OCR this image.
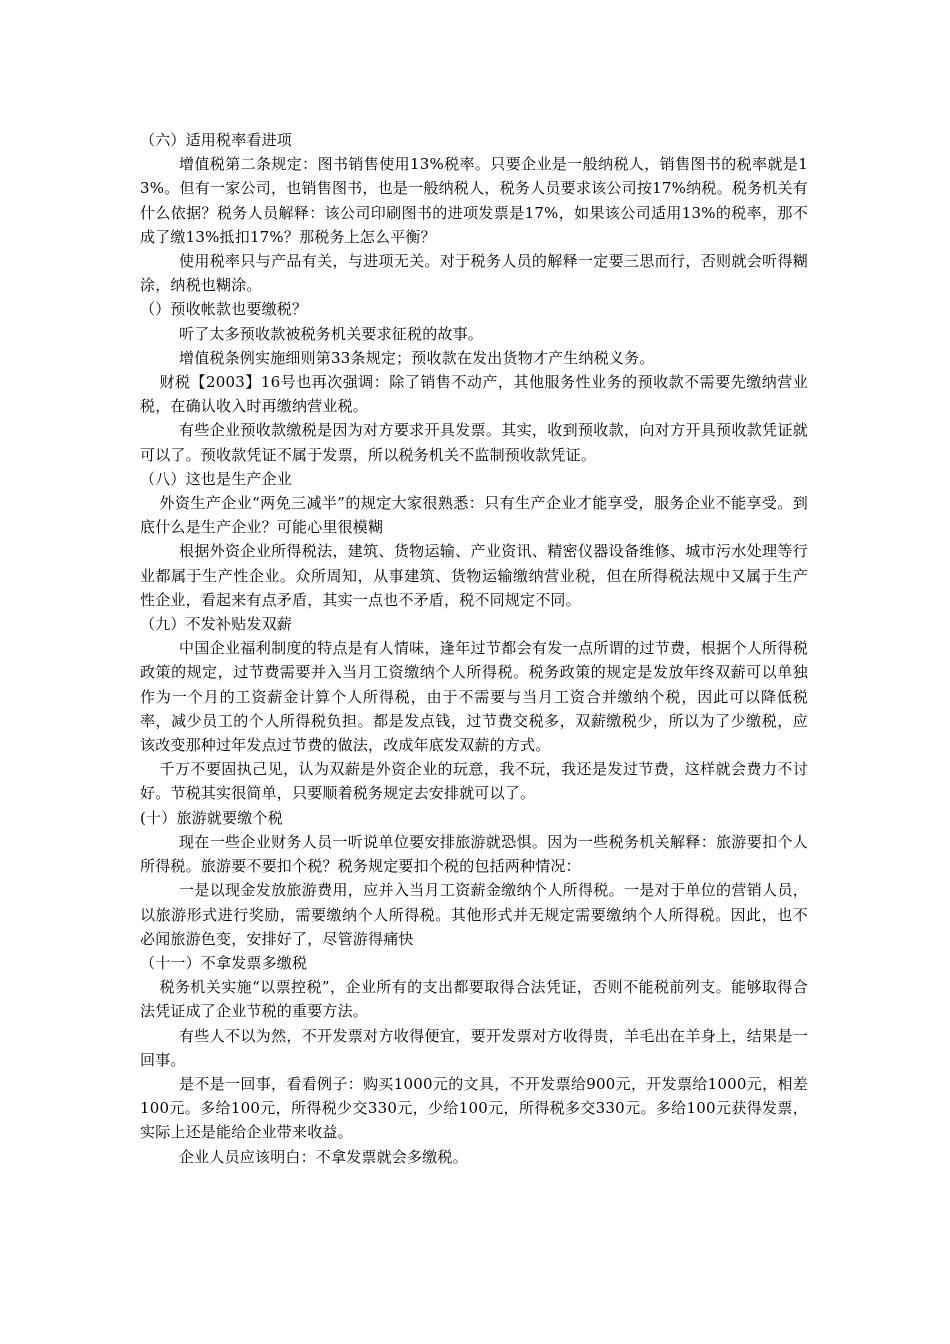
（六）适用税率看进项

增值税第二条规定：图书销售使用13%税率。只要企业是一般纳税人，销售图书的税率就是13%。但有一家公司，也销售图书，也是一般纳税人，税务人员要求该公司按17%纳税。税务机关有什么依据？税务人员解释：该公司印刷图书的进项发票是17%，如果该公司适用13%的税率，那不成了缴13%抵扣17%？那税务上怎么平衡？

使用税率只与产品有关，与进项无关。对于税务人员的解释一定要三思而行，否则就会听得糊涂，纳税也糊涂。

（）预收帐款也要缴税？

听了太多预收款被税务机关要求征税的故事。

增值税条例实施细则第33条规定；预收款在发出货物才产生纳税义务。

财税【2003】16号也再次强调：除了销售不动产，其他服务性业务的预收款不需要先缴纳营业税，在确认收入时再缴纳营业税。

有些企业预收款缴税是因为对方要求开具发票。其实，收到预收款，向对方开具预收款凭证就可以了。预收款凭证不属于发票，所以税务机关不监制预收款凭证。

（八）这也是生产企业

外资生产企业“两免三减半”的规定大家很熟悉：只有生产企业才能享受，服务企业不能享受。到底什么是生产企业？可能心里很模糊

根据外资企业所得税法，建筑、货物运输、产业资讯、精密仪器设备维修、城市污水处理等行业都属于生产性企业。众所周知，从事建筑、货物运输缴纳营业税，但在所得税法规中又属于生产性企业，看起来有点矛盾，其实一点也不矛盾，税不同规定不同。

（九）不发补贴发双薪

中国企业福利制度的特点是有人情味，逢年过节都会有发一点所谓的过节费，根据个人所得税政策的规定，过节费需要并入当月工资缴纳个人所得税。税务政策的规定是发放年终双薪可以单独作为一个月的工资薪金计算个人所得税，由于不需要与当月工资合并缴纳个税，因此可以降低税率，减少员工的个人所得税负担。都是发点钱，过节费交税多，双薪缴税少，所以为了少缴税，应该改变那种过年发点过节费的做法，改成年底发双薪的方式。

千万不要固执己见，认为双薪是外资企业的玩意，我不玩，我还是发过节费，这样就会费力不讨好。节税其实很简单，只要顺着税务规定去安排就可以了。

(十）旅游就要缴个税

现在一些企业财务人员一听说单位要安排旅游就恐惧。因为一些税务机关解释：旅游要扣个人所得税。旅游要不要扣个税？税务规定要扣个税的包括两种情况：

一是以现金发放旅游费用，应并入当月工资薪金缴纳个人所得税。一是对于单位的营销人员，以旅游形式进行奖励，需要缴纳个人所得税。其他形式并无规定需要缴纳个人所得税。因此，也不必闻旅游色变，安排好了，尽管游得痛快

（十一）不拿发票多缴税

税务机关实施“以票控税”，企业所有的支出都要取得合法凭证，否则不能税前列支。能够取得合法凭证成了企业节税的重要方法。

有些人不以为然，不开发票对方收得便宜，要开发票对方收得贵，羊毛出在羊身上，结果是一回事。

是不是一回事，看看例子：购买1000元的文具，不开发票给900元，开发票给1000元，相差100元。多给100元，所得税少交330元，少给100元，所得税多交330元。多给100元获得发票，实际上还是能给企业带来收益。

企业人员应该明白：不拿发票就会多缴税。
